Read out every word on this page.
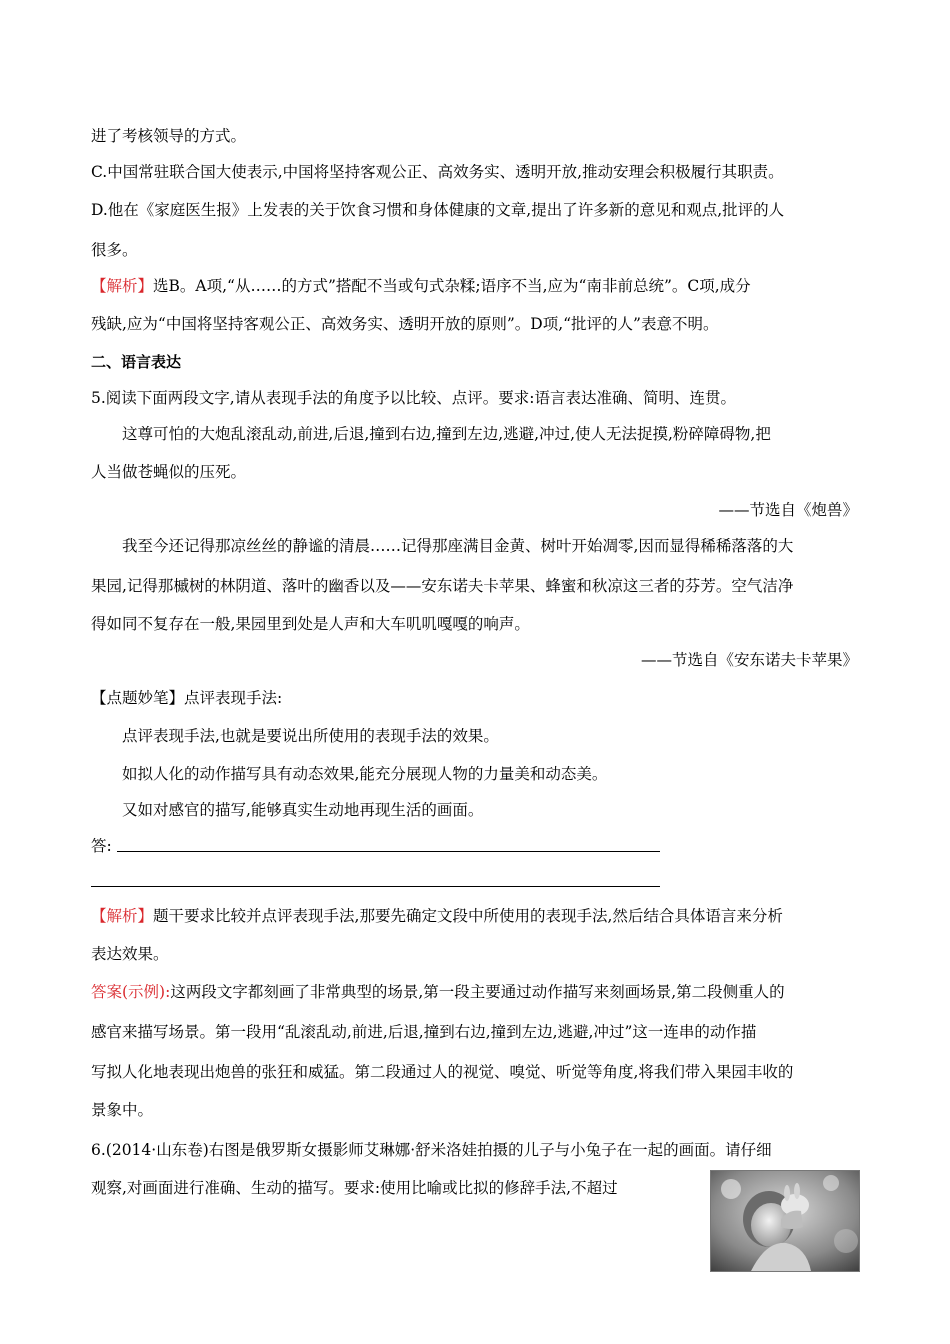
进了考核领导的方式。
C.中国常驻联合国大使表示,中国将坚持客观公正、高效务实、透明开放,推动安理会积极履行其职责。
D.他在《家庭医生报》上发表的关于饮食习惯和身体健康的文章,提出了许多新的意见和观点,批评的人
很多。
【解析】选B。A项,“从……的方式”搭配不当或句式杂糅;语序不当,应为“南非前总统”。C项,成分
残缺,应为“中国将坚持客观公正、高效务实、透明开放的原则”。D项,“批评的人”表意不明。
二、语言表达
5.阅读下面两段文字,请从表现手法的角度予以比较、点评。要求:语言表达准确、简明、连贯。
这尊可怕的大炮乱滚乱动,前进,后退,撞到右边,撞到左边,逃避,冲过,使人无法捉摸,粉碎障碍物,把
人当做苍蝇似的压死。
——节选自《炮兽》
我至今还记得那凉丝丝的静谧的清晨……记得那座满目金黄、树叶开始凋零,因而显得稀稀落落的大
果园,记得那槭树的林阴道、落叶的幽香以及——安东诺夫卡苹果、蜂蜜和秋凉这三者的芬芳。空气洁净
得如同不复存在一般,果园里到处是人声和大车叽叽嘎嘎的响声。
——节选自《安东诺夫卡苹果》
【点题妙笔】点评表现手法:
点评表现手法,也就是要说出所使用的表现手法的效果。
如拟人化的动作描写具有动态效果,能充分展现人物的力量美和动态美。
又如对感官的描写,能够真实生动地再现生活的画面。
答:
【解析】题干要求比较并点评表现手法,那要先确定文段中所使用的表现手法,然后结合具体语言来分析
表达效果。
答案(示例):这两段文字都刻画了非常典型的场景,第一段主要通过动作描写来刻画场景,第二段侧重人的
感官来描写场景。第一段用“乱滚乱动,前进,后退,撞到右边,撞到左边,逃避,冲过”这一连串的动作描
写拟人化地表现出炮兽的张狂和威猛。第二段通过人的视觉、嗅觉、听觉等角度,将我们带入果园丰收的
景象中。
6.(2014·山东卷)右图是俄罗斯女摄影师艾琳娜·舒米洛娃拍摄的儿子与小兔子在一起的画面。请仔细
观察,对画面进行准确、生动的描写。要求:使用比喻或比拟的修辞手法,不超过
